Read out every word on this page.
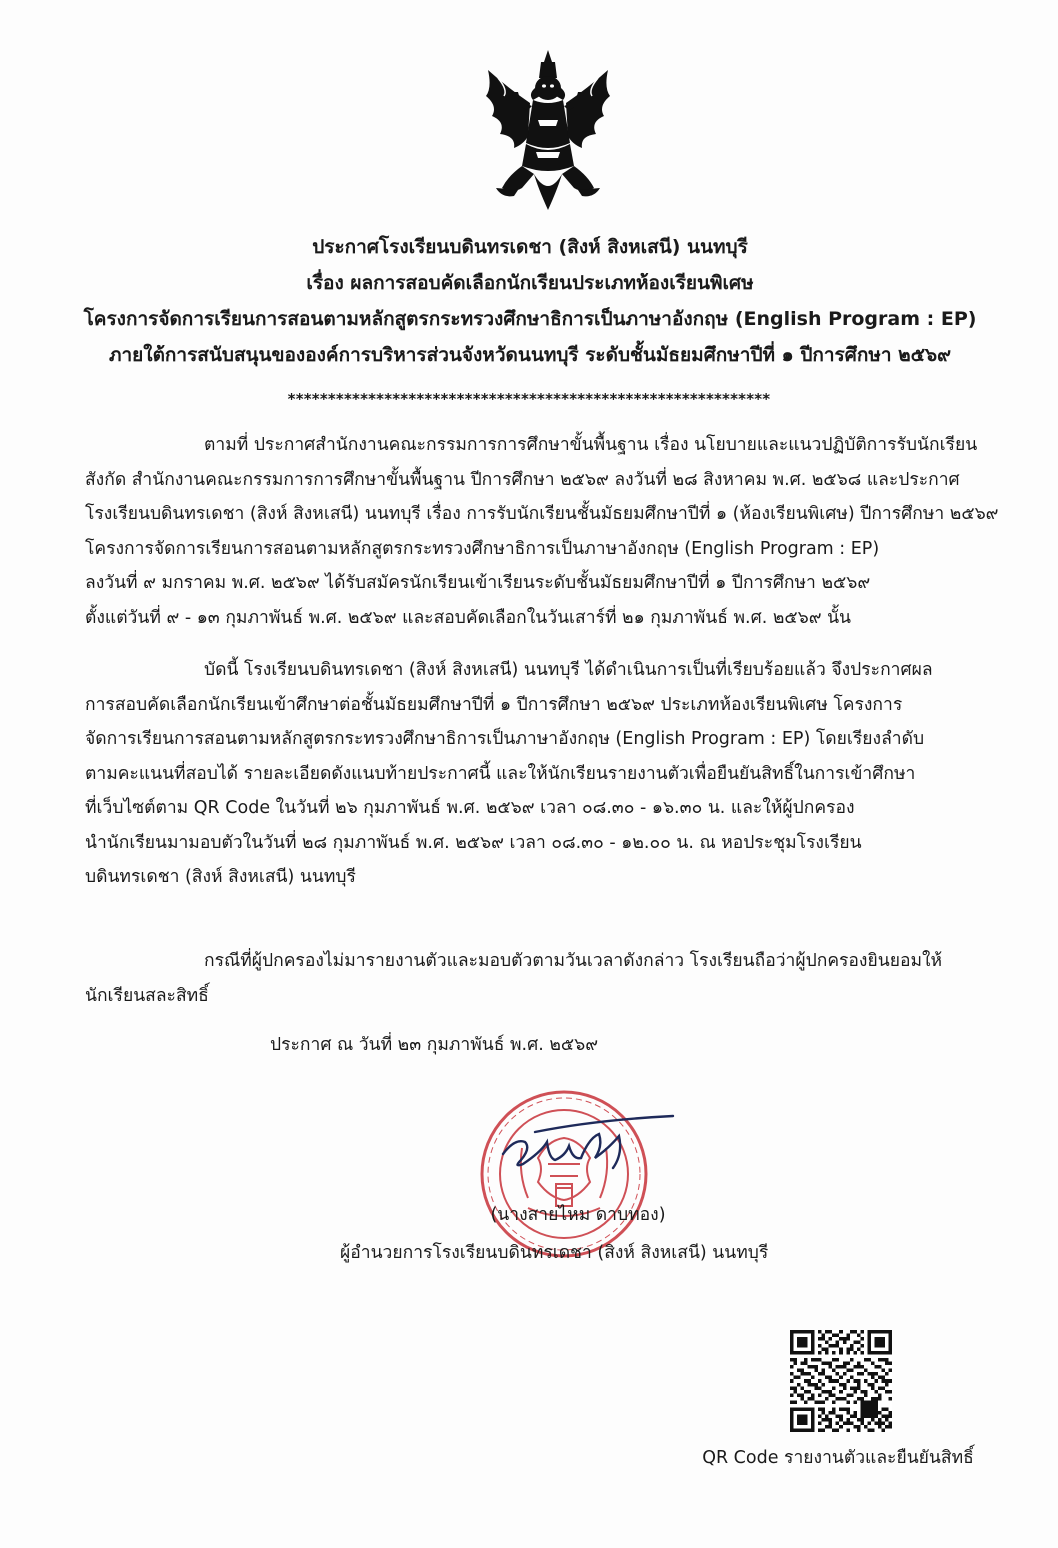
ประกาศโรงเรียนบดินทรเดชา (สิงห์ สิงหเสนี) นนทบุรี
เรื่อง ผลการสอบคัดเลือกนักเรียนประเภทห้องเรียนพิเศษ
โครงการจัดการเรียนการสอนตามหลักสูตรกระทรวงศึกษาธิการเป็นภาษาอังกฤษ (English Program : EP)
ภายใต้การสนับสนุนขององค์การบริหารส่วนจังหวัดนนทบุรี ระดับชั้นมัธยมศึกษาปีที่ ๑ ปีการศึกษา ๒๕๖๙
************************************************************
ตามที่ ประกาศสำนักงานคณะกรรมการการศึกษาขั้นพื้นฐาน เรื่อง นโยบายและแนวปฏิบัติการรับนักเรียน
สังกัด สำนักงานคณะกรรมการการศึกษาขั้นพื้นฐาน ปีการศึกษา ๒๕๖๙ ลงวันที่ ๒๘ สิงหาคม พ.ศ. ๒๕๖๘ และประกาศ
โรงเรียนบดินทรเดชา (สิงห์ สิงหเสนี) นนทบุรี เรื่อง การรับนักเรียนชั้นมัธยมศึกษาปีที่ ๑ (ห้องเรียนพิเศษ) ปีการศึกษา ๒๕๖๙
โครงการจัดการเรียนการสอนตามหลักสูตรกระทรวงศึกษาธิการเป็นภาษาอังกฤษ (English Program : EP)
ลงวันที่ ๙ มกราคม พ.ศ. ๒๕๖๙ ได้รับสมัครนักเรียนเข้าเรียนระดับชั้นมัธยมศึกษาปีที่ ๑ ปีการศึกษา ๒๕๖๙
ตั้งแต่วันที่ ๙ - ๑๓ กุมภาพันธ์ พ.ศ. ๒๕๖๙ และสอบคัดเลือกในวันเสาร์ที่ ๒๑ กุมภาพันธ์ พ.ศ. ๒๕๖๙ นั้น
บัดนี้ โรงเรียนบดินทรเดชา (สิงห์ สิงหเสนี) นนทบุรี ได้ดำเนินการเป็นที่เรียบร้อยแล้ว จึงประกาศผล
การสอบคัดเลือกนักเรียนเข้าศึกษาต่อชั้นมัธยมศึกษาปีที่ ๑ ปีการศึกษา ๒๕๖๙ ประเภทห้องเรียนพิเศษ โครงการ
จัดการเรียนการสอนตามหลักสูตรกระทรวงศึกษาธิการเป็นภาษาอังกฤษ (English Program : EP) โดยเรียงลำดับ
ตามคะแนนที่สอบได้ รายละเอียดดังแนบท้ายประกาศนี้ และให้นักเรียนรายงานตัวเพื่อยืนยันสิทธิ์ในการเข้าศึกษา
ที่เว็บไซต์ตาม QR Code ในวันที่ ๒๖ กุมภาพันธ์ พ.ศ. ๒๕๖๙ เวลา ๐๘.๓๐ - ๑๖.๓๐ น. และให้ผู้ปกครอง
นำนักเรียนมามอบตัวในวันที่ ๒๘ กุมภาพันธ์ พ.ศ. ๒๕๖๙ เวลา ๐๘.๓๐ - ๑๒.๐๐ น. ณ หอประชุมโรงเรียน
บดินทรเดชา (สิงห์ สิงหเสนี) นนทบุรี
กรณีที่ผู้ปกครองไม่มารายงานตัวและมอบตัวตามวันเวลาดังกล่าว โรงเรียนถือว่าผู้ปกครองยินยอมให้
นักเรียนสละสิทธิ์
ประกาศ ณ วันที่ ๒๓ กุมภาพันธ์ พ.ศ. ๒๕๖๙
(นางสายไหม ดาบทอง)
ผู้อำนวยการโรงเรียนบดินทรเดชา (สิงห์ สิงหเสนี) นนทบุรี
QR Code รายงานตัวและยืนยันสิทธิ์
